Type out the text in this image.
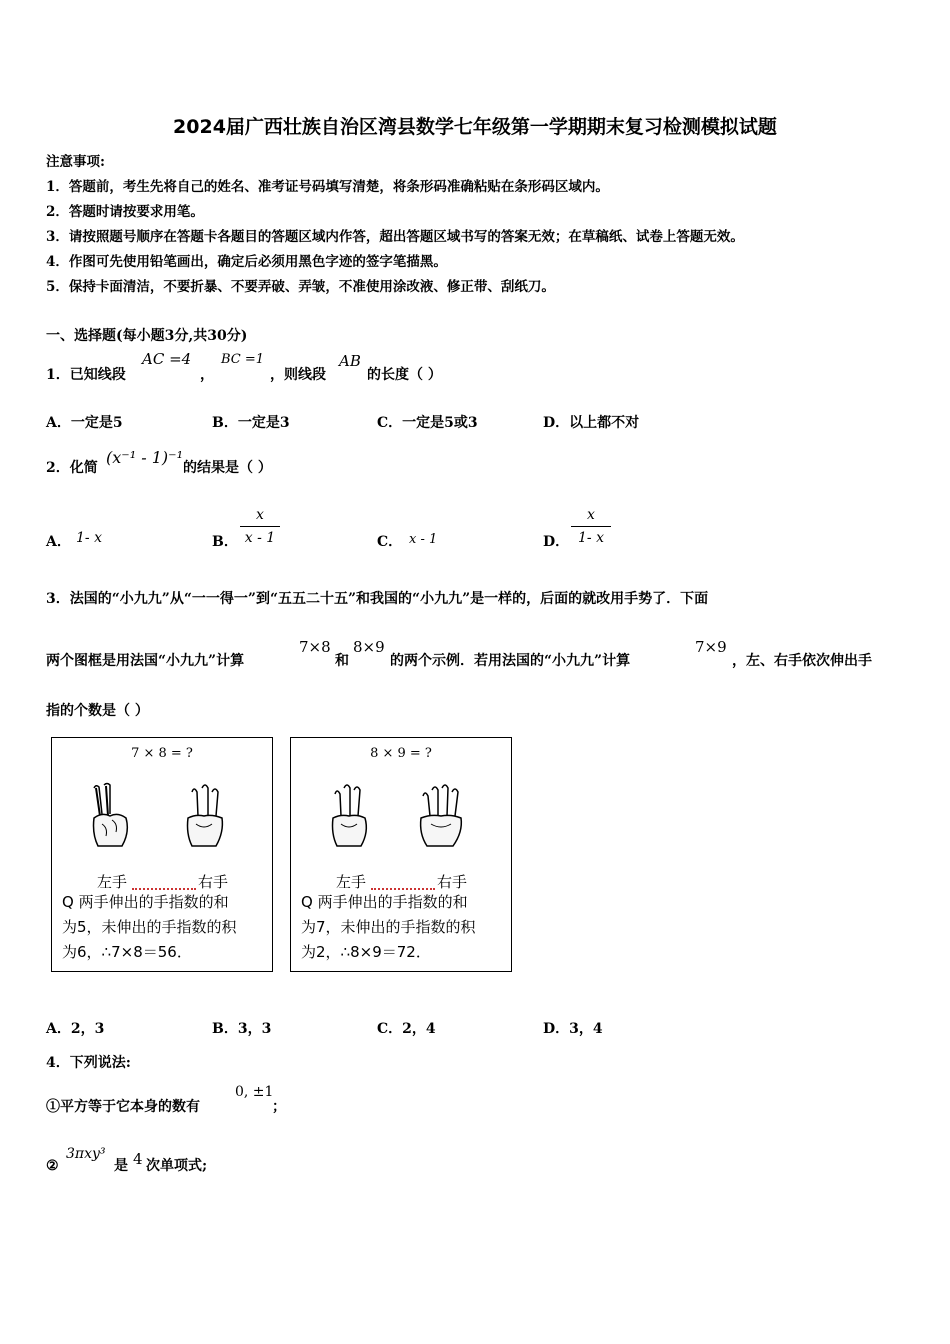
2024届广西壮族自治区湾县数学七年级第一学期期末复习检测模拟试题
注意事项:
1．答题前，考生先将自己的姓名、准考证号码填写清楚，将条形码准确粘贴在条形码区域内。
2．答题时请按要求用笔。
3．请按照题号顺序在答题卡各题目的答题区域内作答，超出答题区域书写的答案无效；在草稿纸、试卷上答题无效。
4．作图可先使用铅笔画出，确定后必须用黑色字迹的签字笔描黑。
5．保持卡面清洁，不要折暴、不要弄破、弄皱，不准使用涂改液、修正带、刮纸刀。
一、选择题(每小题3分,共30分)
1．已知线段
AC =4
，
BC =1
，则线段
AB
的长度（ ）
A．一定是5	B．一定是3	C．一定是5或3	D．以上都不对
2．化简
(x⁻¹ - 1)⁻¹
的结果是（ ）
A． 1- x	B．
x
x - 1	C． x - 1	D．
x
1- x
3．法国的“小九九”从“一一得一”到“五五二十五”和我国的“小九九”是一样的，后面的就改用手势了．下面
两个图框是用法国“小九九”计算
7×8
和
8×9
的两个示例．若用法国的“小九九”计算
7×9
，左、右手依次伸出手
指的个数是（ ）
7 × 8 = ?
左手	右手
Q 两手伸出的手指数的和
为5，未伸出的手指数的积
为6，∴7×8＝56．
8 × 9 = ?
左手	右手
Q 两手伸出的手指数的和
为7，未伸出的手指数的积
为2，∴8×9＝72．
A．2，3	B．3，3	C．2，4	D．3，4
4．下列说法:
①平方等于它本身的数有
0, ±1
；
②
3πxy³
是 4 次单项式;
